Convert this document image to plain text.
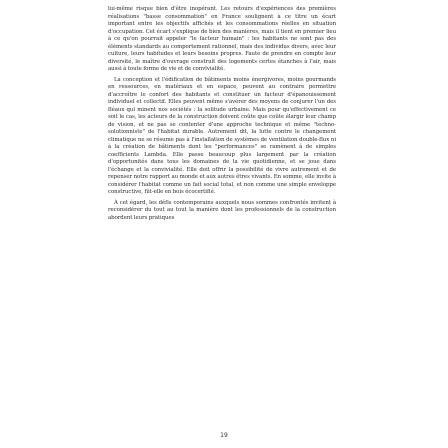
lui-même risque bien d'être inopérant. Les retours d'expériences des premières réalisations "basse consommation" en France soulignent à ce titre un écart important entre les objectifs affichés et les consommations réelles en situation d'occupation. Cet écart s'explique de bien des manières, mais il tient en premier lieu à ce qu'on pourrait appeler "le facteur humain" : les habitants ne sont pas des éléments standards au comportement rationnel, mais des individus divers, avec leur culture, leurs habitudes et leurs besoins propres. Faute de prendre en compte leur diversité, le maître d'ouvrage construit des logements certes étanches à l'air, mais aussi à toute forme de vie et de convivialité.

La conception et l'édification de bâtiments moins énergivores, moins gourmands en ressources, en matériaux et en espace, peuvent au contraire permettre d'accroître le confort des habitants et constituer un facteur d'épanouissement individuel et collectif. Elles peuvent même s'avérer des moyens de conjurer l'un des fléaux qui minent nos sociétés : la solitude urbaine. Mais pour qu'effectivement ce soit le cas, les acteurs de la construction doivent coûte que coûte élargir leur champ de vision, et ne pas se contenter d'une approche technique et même "techno-solutionniste" de l'habitat durable. Autrement dit, la lutte contre le changement climatique ne se résume pas à l'installation de systèmes de ventilation double-flux ni à la création de bâtiments dont les "performances" se ramènent à de simples coefficients Lambda. Elle passe beaucoup plus largement par la création d'opportunités dans tous les domaines de la vie quotidienne, et se joue dans l'échange et la convivialité. Elle doit offrir la possibilité de vivre autrement et de repenser notre rapport au monde et aux autres êtres vivants. En somme, elle invite à considérer l'habitat comme un fait social total, et non comme une simple enveloppe constructive, fût-elle en bois écocertifié.

À cet égard, les défis contemporains auxquels nous sommes confrontés invitent à reconsidérer du tout au tout la manière dont les professionnels de la construction abordent leurs pratiques

19
